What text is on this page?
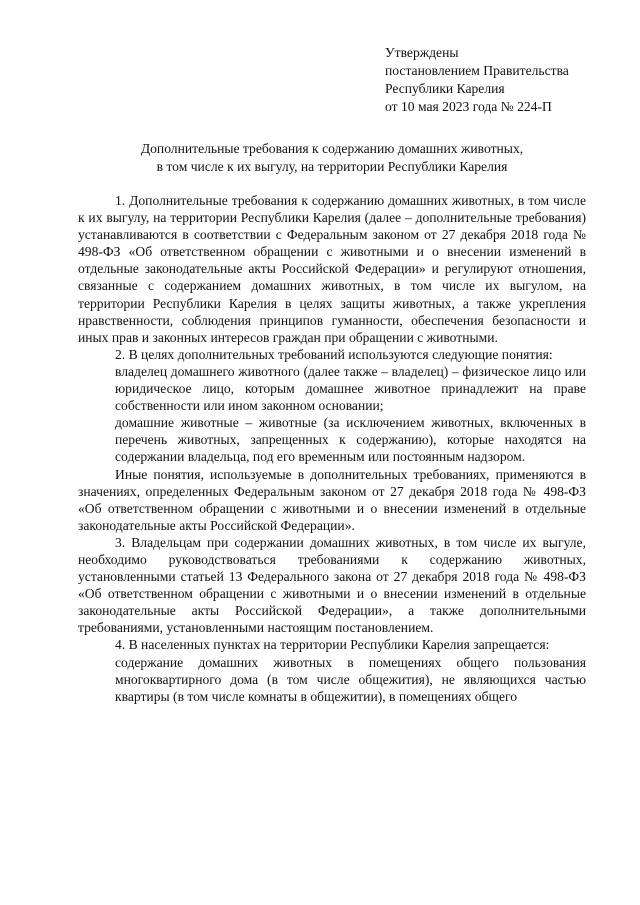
Утверждены
постановлением Правительства
Республики Карелия
от 10 мая 2023 года № 224-П
Дополнительные требования к содержанию домашних животных,
в том числе к их выгулу, на территории Республики Карелия

1. Дополнительные требования к содержанию домашних животных, в том числе к их выгулу, на территории Республики Карелия (далее – дополнительные требования) устанавливаются в соответствии с Федеральным законом от 27 декабря 2018 года № 498-ФЗ «Об ответственном обращении с животными и о внесении изменений в отдельные законодательные акты Российской Федерации» и регулируют отношения, связанные с содержанием домашних животных, в том числе их выгулом, на территории Республики Карелия в целях защиты животных, а также укрепления нравственности, соблюдения принципов гуманности, обеспечения безопасности и иных прав и законных интересов граждан при обращении с животными.

2. В целях дополнительных требований используются следующие понятия:

владелец домашнего животного (далее также – владелец) – физическое лицо или юридическое лицо, которым домашнее животное принадлежит на праве собственности или ином законном основании;

домашние животные – животные (за исключением животных, включенных в перечень животных, запрещенных к содержанию), которые находятся на содержании владельца, под его временным или постоянным надзором.

Иные понятия, используемые в дополнительных требованиях, применяются в значениях, определенных Федеральным законом от 27 декабря 2018 года № 498-ФЗ «Об ответственном обращении с животными и о внесении изменений в отдельные законодательные акты Российской Федерации».

3. Владельцам при содержании домашних животных, в том числе их выгуле, необходимо руководствоваться требованиями к содержанию животных, установленными статьей 13 Федерального закона от 27 декабря 2018 года № 498-ФЗ «Об ответственном обращении с животными и о внесении изменений в отдельные законодательные акты Российской Федерации», а также дополнительными требованиями, установленными настоящим постановлением.

4. В населенных пунктах на территории Республики Карелия запрещается:

содержание домашних животных в помещениях общего пользования многоквартирного дома (в том числе общежития), не являющихся частью квартиры (в том числе комнаты в общежитии), в помещениях общего
